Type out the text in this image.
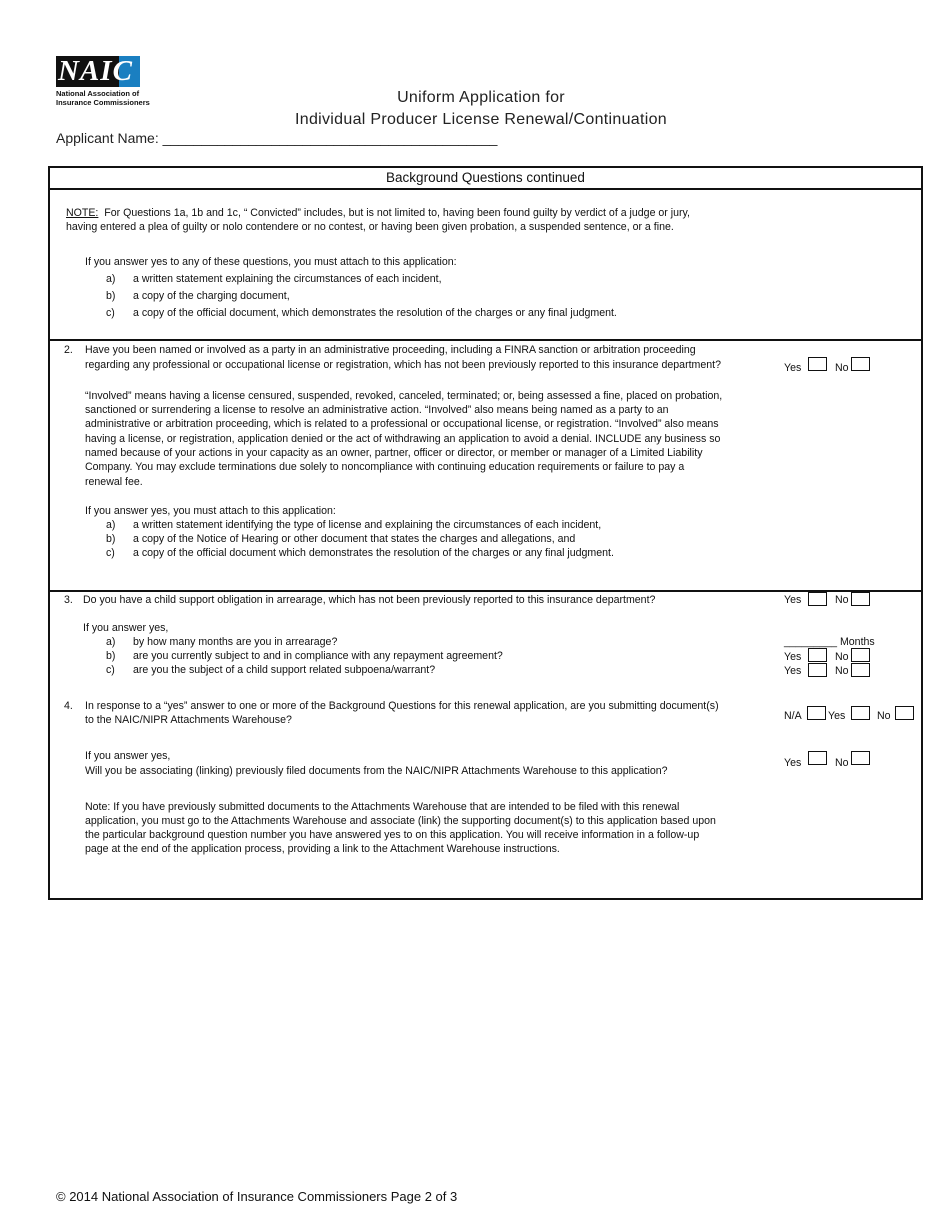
NAIC
National Association of
Insurance Commissioners	Uniform Application for
Individual Producer License Renewal/Continuation
Applicant Name: ___________________________________________
Background Questions continued
NOTE: For Questions 1a, 1b and 1c, “ Convicted” includes, but is not limited to, having been found guilty by verdict of a judge or jury,
having entered a plea of guilty or nolo contendere or no contest, or having been given probation, a suspended sentence, or a fine.
If you answer yes to any of these questions, you must attach to this application:
a) a written statement explaining the circumstances of each incident,
b) a copy of the charging document,
c) a copy of the official document, which demonstrates the resolution of the charges or any final judgment.
2. Have you been named or involved as a party in an administrative proceeding, including a FINRA sanction or arbitration proceeding
regarding any professional or occupational license or registration, which has not been previously reported to this insurance department?	Yes	No
“Involved” means having a license censured, suspended, revoked, canceled, terminated; or, being assessed a fine, placed on probation,
sanctioned or surrendering a license to resolve an administrative action. “Involved” also means being named as a party to an
administrative or arbitration proceeding, which is related to a professional or occupational license, or registration. “Involved” also means
having a license, or registration, application denied or the act of withdrawing an application to avoid a denial. INCLUDE any business so
named because of your actions in your capacity as an owner, partner, officer or director, or member or manager of a Limited Liability
Company. You may exclude terminations due solely to noncompliance with continuing education requirements or failure to pay a
renewal fee.
If you answer yes, you must attach to this application:
a) a written statement identifying the type of license and explaining the circumstances of each incident,
b) a copy of the Notice of Hearing or other document that states the charges and allegations, and
c) a copy of the official document which demonstrates the resolution of the charges or any final judgment.
3. Do you have a child support obligation in arrearage, which has not been previously reported to this insurance department?	Yes	No
If you answer yes,
a) by how many months are you in arrearage?	_________ Months
b) are you currently subject to and in compliance with any repayment agreement?	Yes	No
c) are you the subject of a child support related subpoena/warrant?	Yes	No
4. In response to a “yes” answer to one or more of the Background Questions for this renewal application, are you submitting document(s)
to the NAIC/NIPR Attachments Warehouse?	N/A Yes	No
If you answer yes,
Will you be associating (linking) previously filed documents from the NAIC/NIPR Attachments Warehouse to this application?
Yes	No
Note: If you have previously submitted documents to the Attachments Warehouse that are intended to be filed with this renewal
application, you must go to the Attachments Warehouse and associate (link) the supporting document(s) to this application based upon
the particular background question number you have answered yes to on this application. You will receive information in a follow-up
page at the end of the application process, providing a link to the Attachment Warehouse instructions.
© 2014 National Association of Insurance Commissioners Page 2 of 3
